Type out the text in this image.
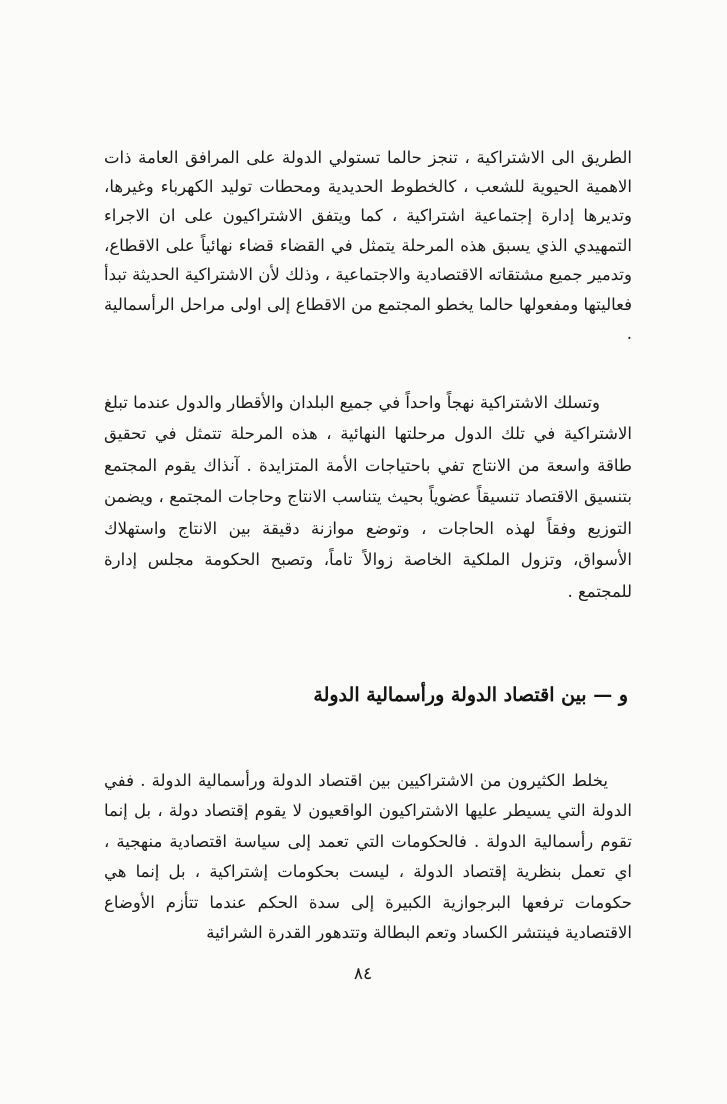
الطريق الى الاشتراكية ، تنجز حالما تستولي الدولة على المرافق العامة ذات الاهمية الحيوية للشعب ، كالخطوط الحديدية ومحطات توليد الكهرباء وغيرها، وتديرها إدارة إجتماعية اشتراكية ، كما ويتفق الاشتراكيون على ان الاجراء التمهيدي الذي يسبق هذه المرحلة يتمثل في القضاء قضاء نهائياً على الاقطاع، وتدمير جميع مشتقاته الاقتصادية والاجتماعية ، وذلك لأن الاشتراكية الحديثة تبدأ فعاليتها ومفعولها حالما يخطو المجتمع من الاقطاع إلى اولى مراحل الرأسمالية .

وتسلك الاشتراكية نهجاً واحداً في جميع البلدان والأقطار والدول عندما تبلغ الاشتراكية في تلك الدول مرحلتها النهائية ، هذه المرحلة تتمثل في تحقيق طاقة واسعة من الانتاج تفي باحتياجات الأمة المتزايدة . آنذاك يقوم المجتمع بتنسيق الاقتصاد تنسيقاً عضوياً بحيث يتناسب الانتاج وحاجات المجتمع ، ويضمن التوزيع وفقاً لهذه الحاجات ، وتوضع موازنة دقيقة بين الانتاج واستهلاك الأسواق، وتزول الملكية الخاصة زوالاً تاماً، وتصبح الحكومة مجلس إدارة للمجتمع .

و — بين اقتصاد الدولة ورأسمالية الدولة

يخلط الكثيرون من الاشتراكيين بين اقتصاد الدولة ورأسمالية الدولة . ففي الدولة التي يسيطر عليها الاشتراكيون الواقعيون لا يقوم إقتصاد دولة ، بل إنما تقوم رأسمالية الدولة . فالحكومات التي تعمد إلى سياسة اقتصادية منهجية ، اي تعمل بنظرية إقتصاد الدولة ، ليست بحكومات إشتراكية ، بل إنما هي حكومات ترفعها البرجوازية الكبيرة إلى سدة الحكم عندما تتأزم الأوضاع الاقتصادية فينتشر الكساد وتعم البطالة وتتدهور القدرة الشرائية

٨٤
